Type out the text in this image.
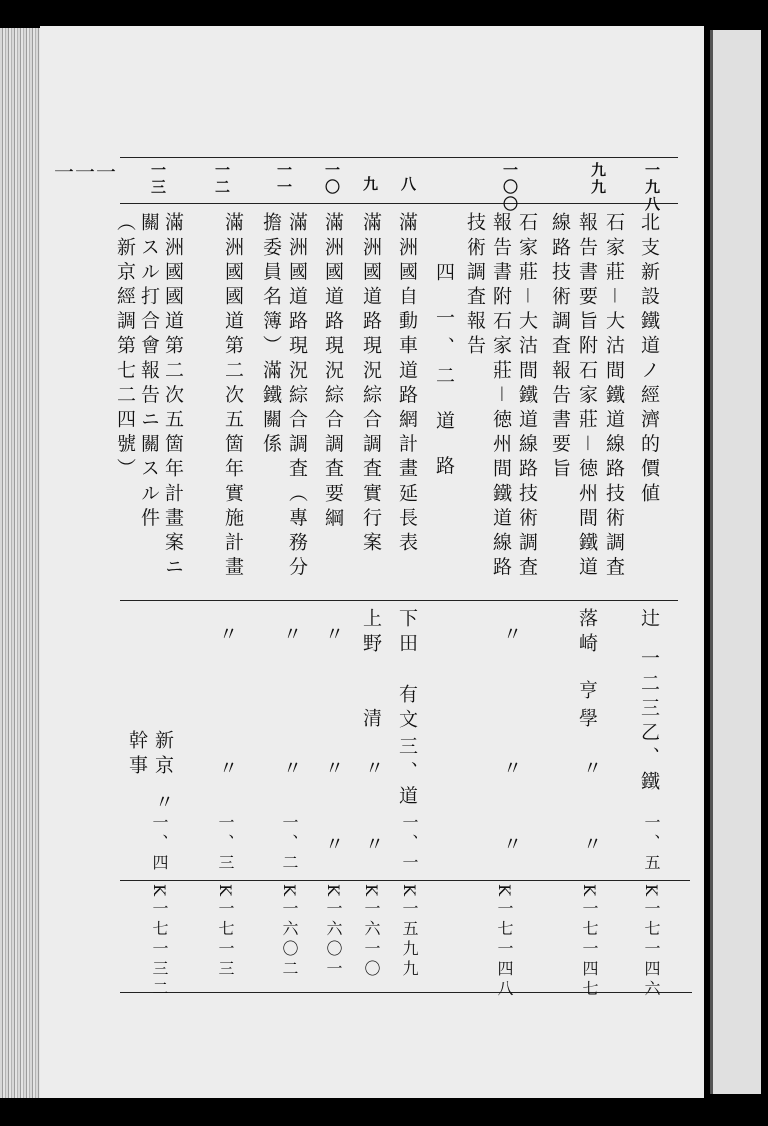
一一一	一九八
北支新設鐵道ノ經濟的價値
辻
一二三乙、鐵
一、五
K一七一四六
九九
石家莊－大沽間鐵道線路技術調査
報告書要旨附石家莊－徳州間鐵道
線路技術調査報告書要旨
落崎
亨
學
〃
〃
K一七一四七
一〇〇
石家莊－大沽間鐵道線路技術調査
報告書附石家莊－徳州間鐵道線路
技術調査報告
〃
〃
〃
K一七一四八
四 一、二 道 路
八
滿洲國自動車道路網計畫延長表
下田
有文
三、道
一、一
K一五九九
九
滿洲國道路現況綜合調査實行案
上野
清
〃
〃
K一六一〇
一〇
滿洲國道路現況綜合調査要綱
〃
〃
〃
K一六〇一
一一
滿洲國道路現況綜合調査（專務分
擔委員名簿）滿鐵關係
〃
〃
一、二
K一六〇二
一二
滿洲國國道第二次五箇年實施計畫
〃
〃
一、三
K一七一三
一三
滿洲國國道第二次五箇年計畫案ニ
關スル打合會報告ニ關スル件
（新京經調第七二四號）
新京
幹事
〃
一、四
K一七一三二
